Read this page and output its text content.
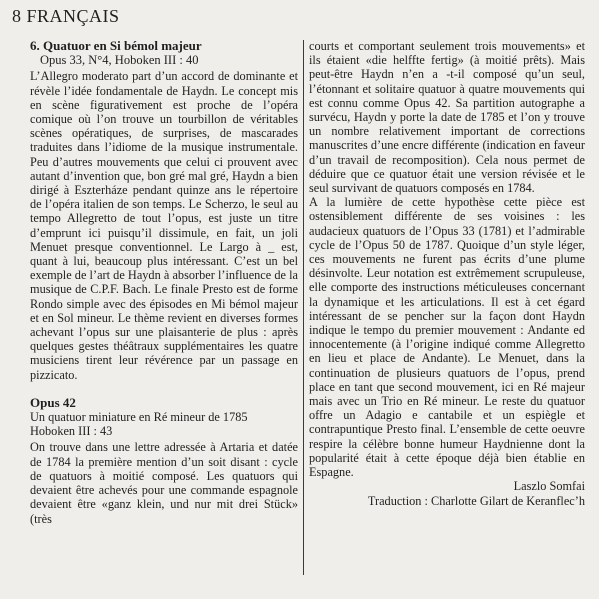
8 FRANÇAIS

6. Quatuor en Si bémol majeur

Opus 33, N°4, Hoboken III : 40

L’Allegro moderato part d’un accord de dominante et révèle l’idée fondamentale de Haydn. Le concept mis en scène figurativement est proche de l’opéra comique où l’on trouve un tourbillon de véritables scènes opératiques, de surprises, de mascarades traduites dans l’idiome de la musique instrumentale. Peu d’autres mouvements que celui ci prouvent avec autant d’invention que, bon gré mal gré, Haydn a bien dirigé à Eszterháze pendant quinze ans le répertoire de l’opéra italien de son temps. Le Scherzo, le seul au tempo Allegretto de tout l’opus, est juste un titre d’emprunt ici puisqu’il dissimule, en fait, un joli Menuet presque conventionnel. Le Largo à _ est, quant à lui, beaucoup plus intéressant. C’est un bel exemple de l’art de Haydn à absorber l’influence de la musique de C.P.F. Bach. Le finale Presto est de forme Rondo simple avec des épisodes en Mi bémol majeur et en Sol mineur. Le thème revient en diverses formes achevant l’opus sur une plaisanterie de plus : après quelques gestes théâtraux supplémentaires les quatre musiciens tirent leur révérence par un passage en pizzicato.

Opus 42

Un quatuor miniature en Ré mineur de 1785

Hoboken III : 43

On trouve dans une lettre adressée à Artaria et datée de 1784 la première mention d’un soit disant : cycle de quatuors à moitié composé. Les quatuors qui devaient être achevés pour une commande espagnole devaient être «ganz klein, und nur mit drei Stück» (très

courts et comportant seulement trois mouvements» et ils étaient «die helffte fertig» (à moitié prêts). Mais peut-être Haydn n’en a -t-il composé qu’un seul, l’étonnant et solitaire quatuor à quatre mouvements qui est connu comme Opus 42. Sa partition autographe a survécu, Haydn y porte la date de 1785 et l’on y trouve un nombre relativement important de corrections manuscrites d’une encre différente (indication en faveur d’un travail de recomposition). Cela nous permet de déduire que ce quatuor était une version révisée et le seul survivant de quatuors composés en 1784.

A la lumière de cette hypothèse cette pièce est ostensiblement différente de ses voisines : les audacieux quatuors de l’Opus 33 (1781) et l’admirable cycle de l’Opus 50 de 1787. Quoique d’un style léger, ces mouvements ne furent pas écrits d’une plume désinvolte. Leur notation est extrêmement scrupuleuse, elle comporte des instructions méticuleuses concernant la dynamique et les articulations. Il est à cet égard intéressant de se pencher sur la façon dont Haydn indique le tempo du premier mouvement : Andante ed innocentemente (à l’origine indiqué comme Allegretto en lieu et place de Andante). Le Menuet, dans la continuation de plusieurs quatuors de l’opus, prend place en tant que second mouvement, ici en Ré majeur mais avec un Trio en Ré mineur. Le reste du quatuor offre un Adagio e cantabile et un espiègle et contrapuntique Presto final. L’ensemble de cette oeuvre respire la célèbre bonne humeur Haydnienne dont la popularité était à cette époque déjà bien établie en Espagne.

Laszlo Somfai

Traduction : Charlotte Gilart de Keranflec’h
